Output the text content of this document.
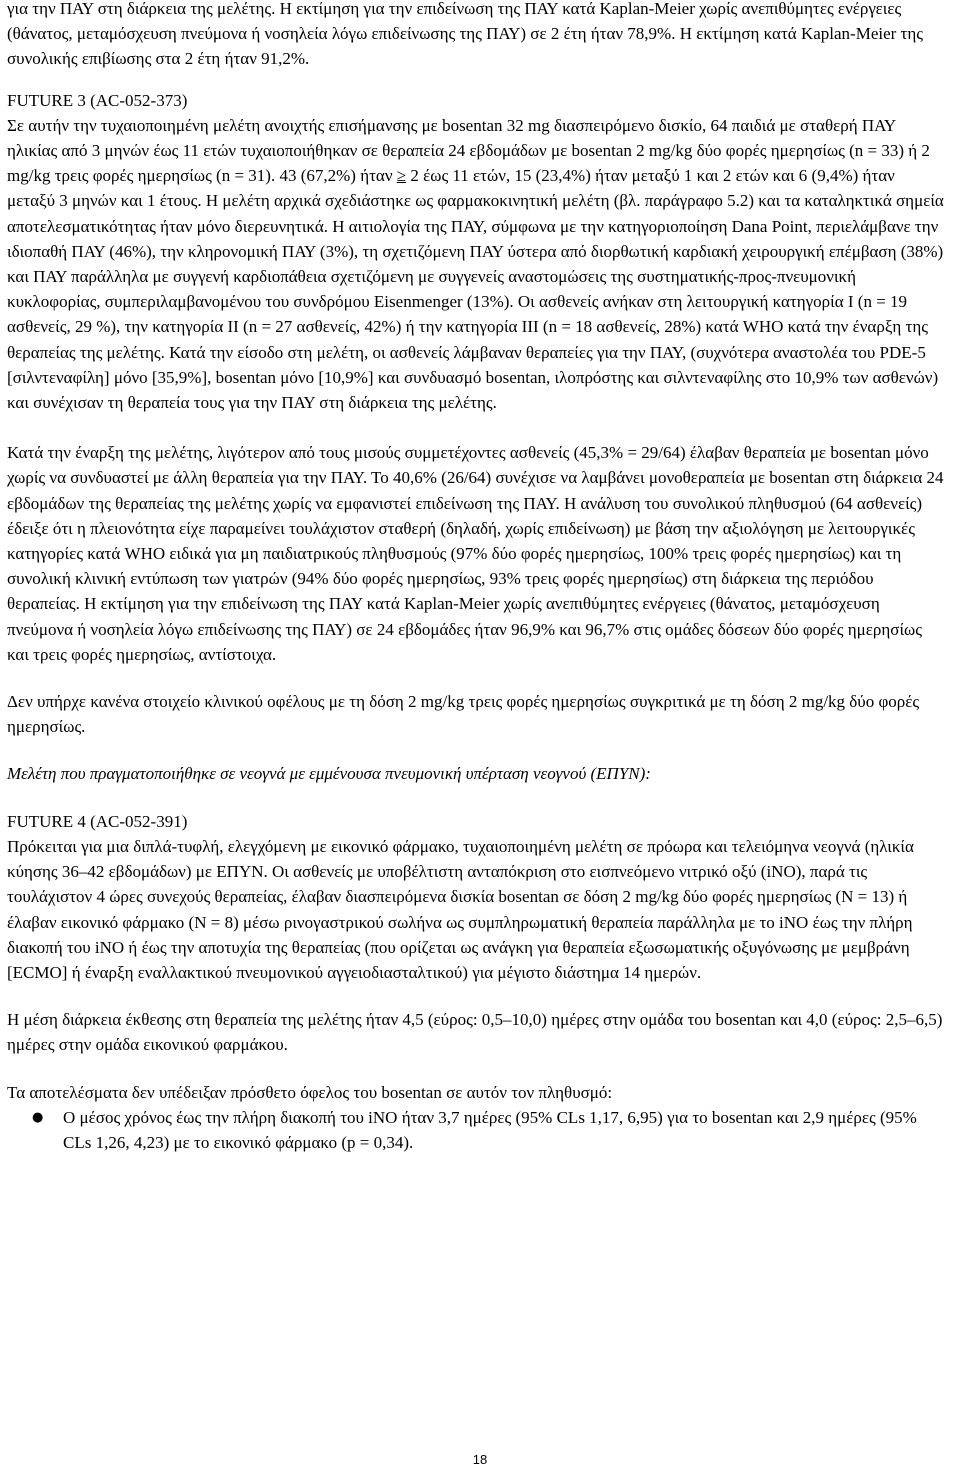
για την ΠΑΥ στη διάρκεια της μελέτης. Η εκτίμηση για την επιδείνωση της ΠΑΥ κατά Kaplan-Meier χωρίς ανεπιθύμητες ενέργειες (θάνατος, μεταμόσχευση πνεύμονα ή νοσηλεία λόγω επιδείνωσης της ΠΑΥ) σε 2 έτη ήταν 78,9%. Η εκτίμηση κατά Kaplan-Meier της συνολικής επιβίωσης στα 2 έτη ήταν 91,2%.

FUTURE 3 (AC-052-373)

Σε αυτήν την τυχαιοποιημένη μελέτη ανοιχτής επισήμανσης με bosentan 32 mg διασπειρόμενο δισκίο, 64 παιδιά με σταθερή ΠΑΥ ηλικίας από 3 μηνών έως 11 ετών τυχαιοποιήθηκαν σε θεραπεία 24 εβδομάδων με bosentan 2 mg/kg δύο φορές ημερησίως (n = 33) ή 2 mg/kg τρεις φορές ημερησίως (n = 31). 43 (67,2%) ήταν ≥ 2 έως 11 ετών, 15 (23,4%) ήταν μεταξύ 1 και 2 ετών και 6 (9,4%) ήταν μεταξύ 3 μηνών και 1 έτους. Η μελέτη αρχικά σχεδιάστηκε ως φαρμακοκινητική μελέτη (βλ. παράγραφο 5.2) και τα καταληκτικά σημεία αποτελεσματικότητας ήταν μόνο διερευνητικά. Η αιτιολογία της ΠΑΥ, σύμφωνα με την κατηγοριοποίηση Dana Point, περιελάμβανε την ιδιοπαθή ΠΑΥ (46%), την κληρονομική ΠΑΥ (3%), τη σχετιζόμενη ΠΑΥ ύστερα από διορθωτική καρδιακή χειρουργική επέμβαση (38%) και ΠΑΥ παράλληλα με συγγενή καρδιοπάθεια σχετιζόμενη με συγγενείς αναστομώσεις της συστηματικής-προς-πνευμονική κυκλοφορίας, συμπεριλαμβανομένου του συνδρόμου Eisenmenger (13%). Οι ασθενείς ανήκαν στη λειτουργική κατηγορία I (n = 19 ασθενείς, 29 %), την κατηγορία II (n = 27 ασθενείς, 42%) ή την κατηγορία III (n = 18 ασθενείς, 28%) κατά WHO κατά την έναρξη της θεραπείας της μελέτης. Κατά την είσοδο στη μελέτη, οι ασθενείς λάμβαναν θεραπείες για την ΠΑΥ, (συχνότερα αναστολέα του PDE-5 [σιλντεναφίλη] μόνο [35,9%], bosentan μόνο [10,9%] και συνδυασμό bosentan, ιλοπρόστης και σιλντεναφίλης στο 10,9% των ασθενών) και συνέχισαν τη θεραπεία τους για την ΠΑΥ στη διάρκεια της μελέτης.

Κατά την έναρξη της μελέτης, λιγότερον από τους μισούς συμμετέχοντες ασθενείς (45,3% = 29/64) έλαβαν θεραπεία με bosentan μόνο χωρίς να συνδυαστεί με άλλη θεραπεία για την ΠΑΥ. Το 40,6% (26/64) συνέχισε να λαμβάνει μονοθεραπεία με bosentan στη διάρκεια 24 εβδομάδων της θεραπείας της μελέτης χωρίς να εμφανιστεί επιδείνωση της ΠΑΥ. Η ανάλυση του συνολικού πληθυσμού (64 ασθενείς) έδειξε ότι η πλειονότητα είχε παραμείνει τουλάχιστον σταθερή (δηλαδή, χωρίς επιδείνωση) με βάση την αξιολόγηση με λειτουργικές κατηγορίες κατά WHO ειδικά για μη παιδιατρικούς πληθυσμούς (97% δύο φορές ημερησίως, 100% τρεις φορές ημερησίως) και τη συνολική κλινική εντύπωση των γιατρών (94% δύο φορές ημερησίως, 93% τρεις φορές ημερησίως) στη διάρκεια της περιόδου θεραπείας. Η εκτίμηση για την επιδείνωση της ΠΑΥ κατά Kaplan-Meier χωρίς ανεπιθύμητες ενέργειες (θάνατος, μεταμόσχευση πνεύμονα ή νοσηλεία λόγω επιδείνωσης της ΠΑΥ) σε 24 εβδομάδες ήταν 96,9% και 96,7% στις ομάδες δόσεων δύο φορές ημερησίως και τρεις φορές ημερησίως, αντίστοιχα.

Δεν υπήρχε κανένα στοιχείο κλινικού οφέλους με τη δόση 2 mg/kg τρεις φορές ημερησίως συγκριτικά με τη δόση 2 mg/kg δύο φορές ημερησίως.

Μελέτη που πραγματοποιήθηκε σε νεογνά με εμμένουσα πνευμονική υπέρταση νεογνού (ΕΠΥΝ):

FUTURE 4 (AC-052-391)

Πρόκειται για μια διπλά-τυφλή, ελεγχόμενη με εικονικό φάρμακο, τυχαιοποιημένη μελέτη σε πρόωρα και τελειόμηνα νεογνά (ηλικία κύησης 36–42 εβδομάδων) με ΕΠΥΝ. Οι ασθενείς με υποβέλτιστη ανταπόκριση στο εισπνεόμενο νιτρικό οξύ (iNO), παρά τις τουλάχιστον 4 ώρες συνεχούς θεραπείας, έλαβαν διασπειρόμενα δισκία bosentan σε δόση 2 mg/kg δύο φορές ημερησίως (N = 13) ή έλαβαν εικονικό φάρμακο (N = 8) μέσω ρινογαστρικού σωλήνα ως συμπληρωματική θεραπεία παράλληλα με το iNO έως την πλήρη διακοπή του iNO ή έως την αποτυχία της θεραπείας (που ορίζεται ως ανάγκη για θεραπεία εξωσωματικής οξυγόνωσης με μεμβράνη [ECMO] ή έναρξη εναλλακτικού πνευμονικού αγγειοδιασταλτικού) για μέγιστο διάστημα 14 ημερών.

Η μέση διάρκεια έκθεσης στη θεραπεία της μελέτης ήταν 4,5 (εύρος: 0,5–10,0) ημέρες στην ομάδα του bosentan και 4,0 (εύρος: 2,5–6,5) ημέρες στην ομάδα εικονικού φαρμάκου.

Τα αποτελέσματα δεν υπέδειξαν πρόσθετο όφελος του bosentan σε αυτόν τον πληθυσμό:

● Ο μέσος χρόνος έως την πλήρη διακοπή του iNO ήταν 3,7 ημέρες (95% CLs 1,17, 6,95) για το bosentan και 2,9 ημέρες (95% CLs 1,26, 4,23) με το εικονικό φάρμακο (p = 0,34).
18
